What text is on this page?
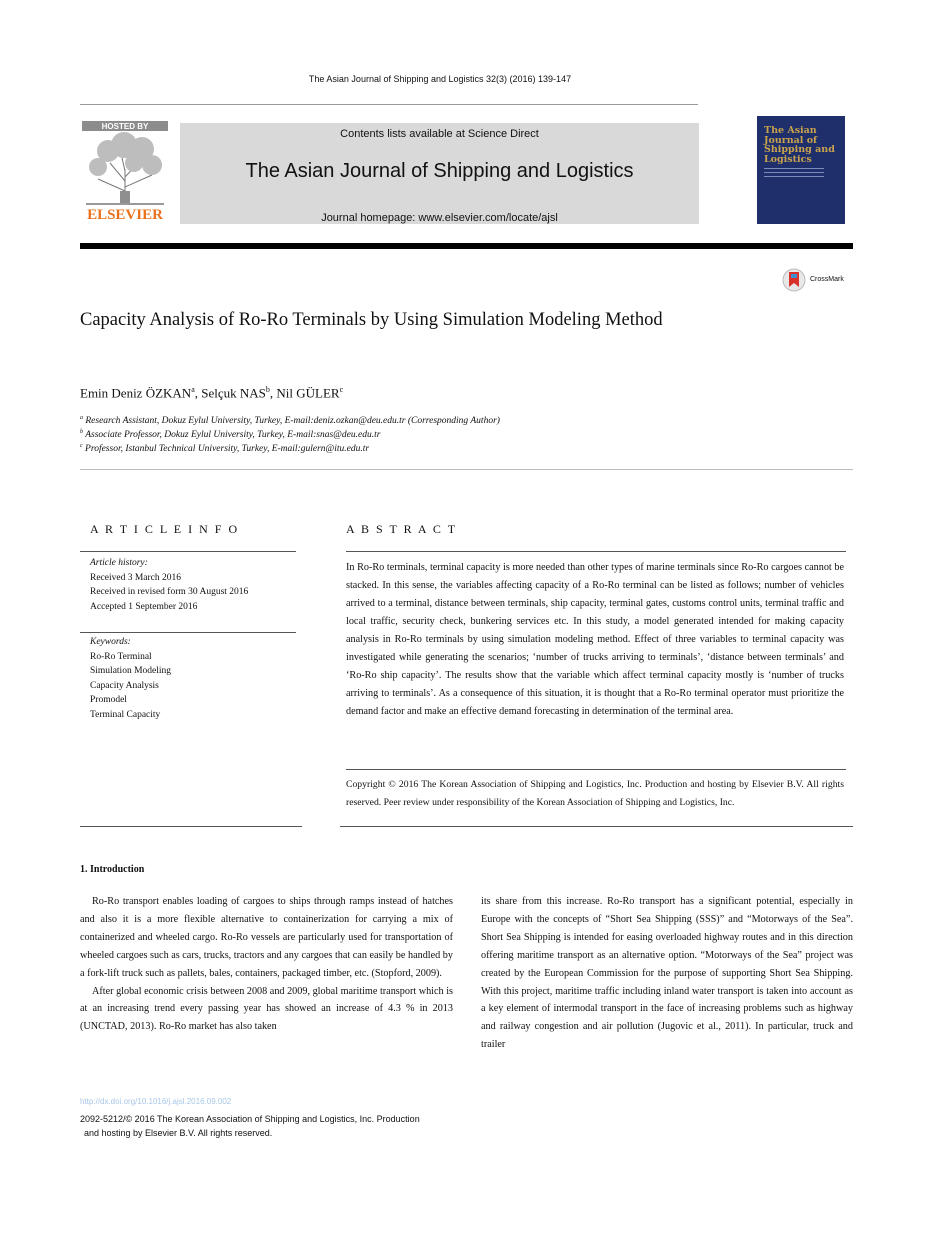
The Asian Journal of Shipping and Logistics 32(3) (2016) 139-147
HOSTED BY
ELSEVIER
Contents lists available at Science Direct
The Asian Journal of Shipping and Logistics
Journal homepage: www.elsevier.com/locate/ajsl
The Asian Journal of Shipping and Logistics
CrossMark
Capacity Analysis of Ro-Ro Terminals by Using Simulation Modeling Method
Emin Deniz ÖZKAN$^a$, Selçuk NAS$^b$, Nil GÜLER$^c$
$^a$ Research Assistant, Dokuz Eylul University, Turkey, E-mail:deniz.ozkan@deu.edu.tr (Corresponding Author)
$^b$ Associate Professor, Dokuz Eylul University, Turkey, E-mail:snas@deu.edu.tr
$^c$ Professor, Istanbul Technical University, Turkey, E-mail:gulern@itu.edu.tr
A R T I C L E I N F O
Article history:
Received 3 March 2016
Received in revised form 30 August 2016
Accepted 1 September 2016
Keywords:
Ro-Ro Terminal
Simulation Modeling
Capacity Analysis
Promodel
Terminal Capacity
A B S T R A C T
In Ro-Ro terminals, terminal capacity is more needed than other types of marine terminals since Ro-Ro cargoes cannot be stacked. In this sense, the variables affecting capacity of a Ro-Ro terminal can be listed as follows; number of vehicles arrived to a terminal, distance between terminals, ship capacity, terminal gates, customs control units, terminal traffic and local traffic, security check, bunkering services etc. In this study, a model generated intended for making capacity analysis in Ro-Ro terminals by using simulation modeling method. Effect of three variables to terminal capacity was investigated while generating the scenarios; ‘number of trucks arriving to terminals’, ‘distance between terminals’ and ‘Ro-Ro ship capacity’. The results show that the variable which affect terminal capacity mostly is ‘number of trucks arriving to terminals’. As a consequence of this situation, it is thought that a Ro-Ro terminal operator must prioritize the demand factor and make an effective demand forecasting in determination of the terminal area.
Copyright © 2016 The Korean Association of Shipping and Logistics, Inc. Production and hosting by Elsevier B.V. All rights reserved. Peer review under responsibility of the Korean Association of Shipping and Logistics, Inc.
1. Introduction

Ro-Ro transport enables loading of cargoes to ships through ramps instead of hatches and also it is a more flexible alternative to containerization for carrying a mix of containerized and wheeled cargo. Ro-Ro vessels are particularly used for transportation of wheeled cargoes such as cars, trucks, tractors and any cargoes that can easily be handled by a fork-lift truck such as pallets, bales, containers, packaged timber, etc. (Stopford, 2009).

After global economic crisis between 2008 and 2009, global maritime transport which is at an increasing trend every passing year has showed an increase of 4.3 % in 2013 (UNCTAD, 2013). Ro-Ro market has also taken

its share from this increase. Ro-Ro transport has a significant potential, especially in Europe with the concepts of “Short Sea Shipping (SSS)” and “Motorways of the Sea”. Short Sea Shipping is intended for easing overloaded highway routes and in this direction offering maritime transport as an alternative option. “Motorways of the Sea” project was created by the European Commission for the purpose of supporting Short Sea Shipping. With this project, maritime traffic including inland water transport is taken into account as a key element of intermodal transport in the face of increasing problems such as highway and railway congestion and air pollution (Jugovic et al., 2011). In particular, truck and trailer

http://dx.doi.org/10.1016/j.ajsl.2016.09.002
2092-5212/© 2016 The Korean Association of Shipping and Logistics, Inc. Production
and hosting by Elsevier B.V. All rights reserved.
